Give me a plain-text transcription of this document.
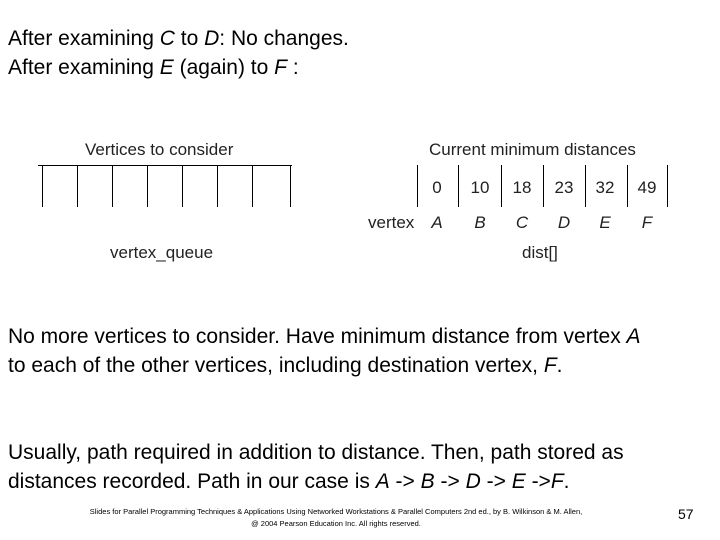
After examining C to D: No changes.

After examining E (again) to F :

Vertices to consider
vertex_queue
Current minimum distances
0	10	18	23	32	49
vertex	A	B	C	D	E	F
dist[]

No more vertices to consider. Have minimum distance from vertex A to each of the other vertices, including destination vertex, F.

Usually, path required in addition to distance. Then, path stored as distances recorded. Path in our case is A -> B -> D -> E ->F.

Slides for Parallel Programming Techniques & Applications Using Networked Workstations & Parallel Computers 2nd ed., by B. Wilkinson & M. Allen,
@ 2004 Pearson Education Inc. All rights reserved.
57
